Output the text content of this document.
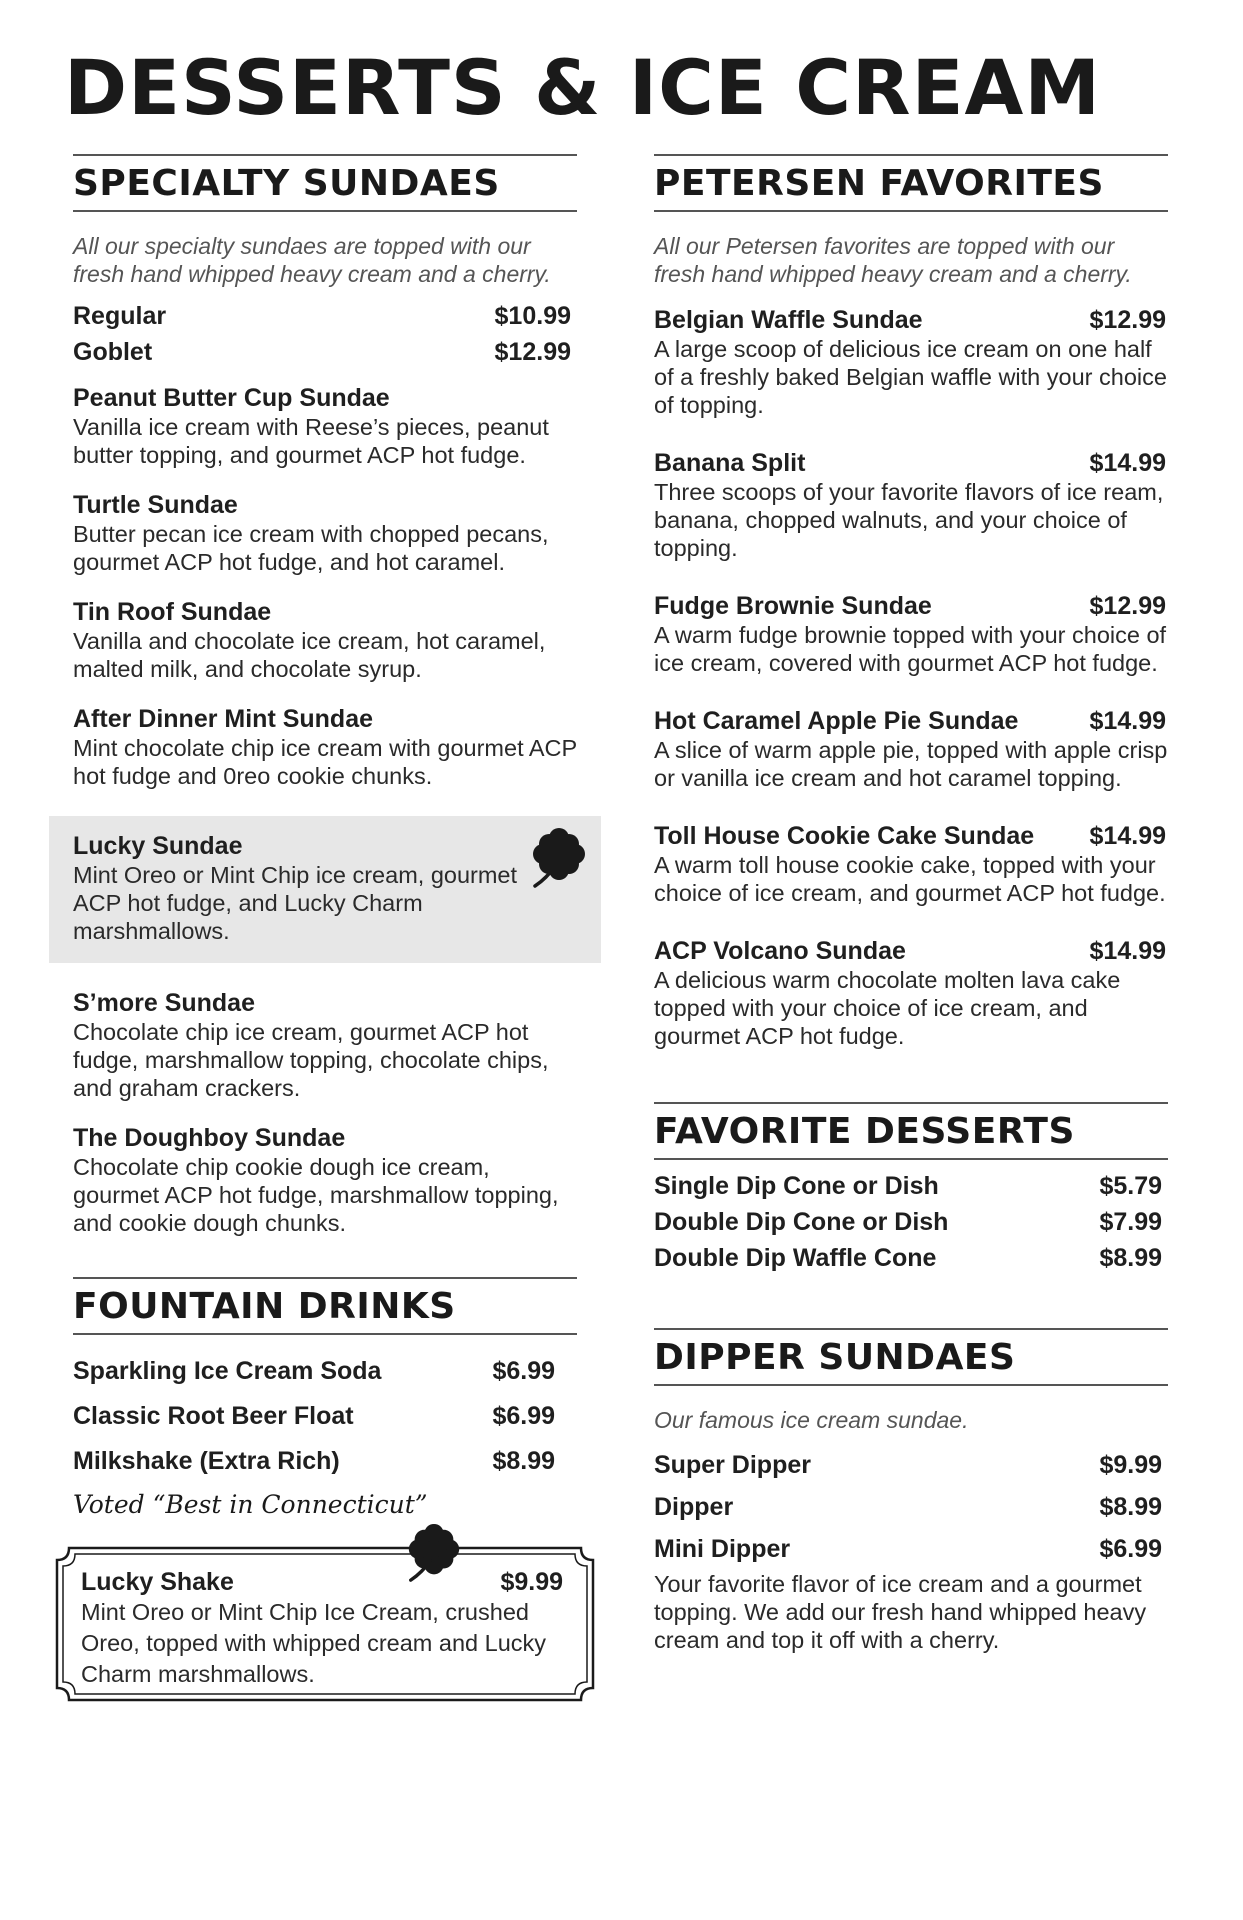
DESSERTS & ICE CREAM
SPECIALTY SUNDAES
All our specialty sundaes are topped with our fresh hand whipped heavy cream and a cherry.
Regular	$10.99
Goblet	$12.99
Peanut Butter Cup Sundae
Vanilla ice cream with Reese’s pieces, peanut butter topping, and gourmet ACP hot fudge.
Turtle Sundae
Butter pecan ice cream with chopped pecans, gourmet ACP hot fudge, and hot caramel.
Tin Roof Sundae
Vanilla and chocolate ice cream, hot caramel, malted milk, and chocolate syrup.
After Dinner Mint Sundae
Mint chocolate chip ice cream with gourmet ACP hot fudge and 0reo cookie chunks.
Lucky Sundae
Mint Oreo or Mint Chip ice cream, gourmet ACP hot fudge, and Lucky Charm marshmallows.
S’more Sundae
Chocolate chip ice cream, gourmet ACP hot fudge, marshmallow topping, chocolate chips, and graham crackers.
The Doughboy Sundae
Chocolate chip cookie dough ice cream, gourmet ACP hot fudge, marshmallow topping, and cookie dough chunks.
FOUNTAIN DRINKS
Sparkling Ice Cream Soda	$6.99
Classic Root Beer Float	$6.99
Milkshake (Extra Rich)	$8.99
Voted “Best in Connecticut”
Lucky Shake	$9.99
Mint Oreo or Mint Chip Ice Cream, crushed Oreo, topped with whipped cream and Lucky Charm marshmallows.
PETERSEN FAVORITES
All our Petersen favorites are topped with our fresh hand whipped heavy cream and a cherry.
Belgian Waffle Sundae	$12.99
A large scoop of delicious ice cream on one half of a freshly baked Belgian waffle with your choice of topping.
Banana Split	$14.99
Three scoops of your favorite flavors of ice ream, banana, chopped walnuts, and your choice of topping.
Fudge Brownie Sundae	$12.99
A warm fudge brownie topped with your choice of ice cream, covered with gourmet ACP hot fudge.
Hot Caramel Apple Pie Sundae	$14.99
A slice of warm apple pie, topped with apple crisp or vanilla ice cream and hot caramel topping.
Toll House Cookie Cake Sundae $14.99
A warm toll house cookie cake, topped with your choice of ice cream, and gourmet ACP hot fudge.
ACP Volcano Sundae	$14.99
A delicious warm chocolate molten lava cake topped with your choice of ice cream, and gourmet ACP hot fudge.
FAVORITE DESSERTS
Single Dip Cone or Dish	$5.79
Double Dip Cone or Dish	$7.99
Double Dip Waffle Cone	$8.99
DIPPER SUNDAES
Our famous ice cream sundae.
Super Dipper	$9.99
Dipper	$8.99
Mini Dipper	$6.99
Your favorite flavor of ice cream and a gourmet topping. We add our fresh hand whipped heavy cream and top it off with a cherry.
